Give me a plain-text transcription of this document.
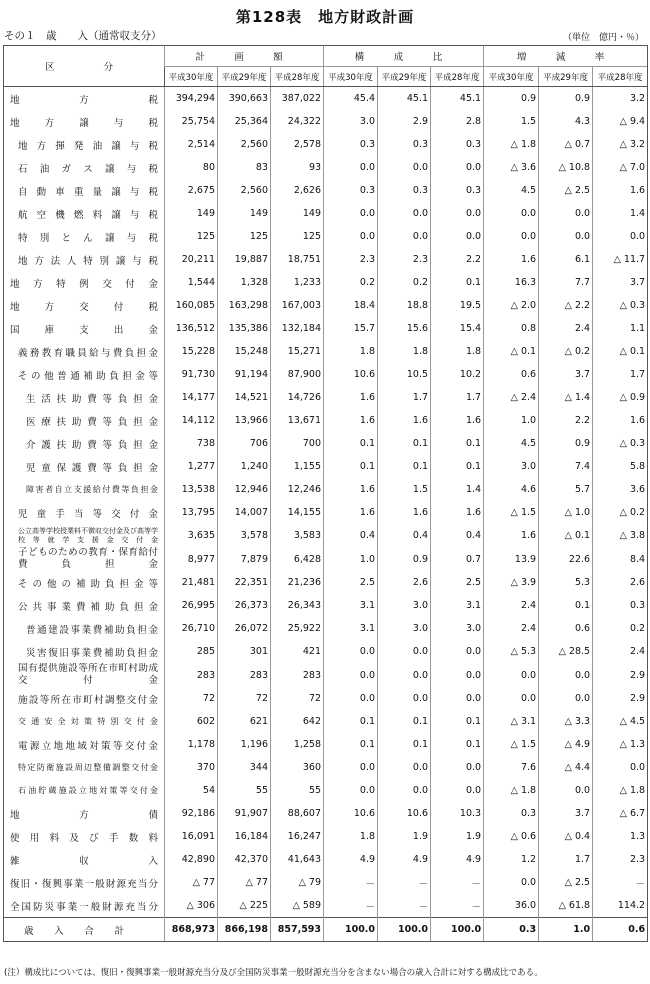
第128表　地方財政計画
その１　歳　　入（通常収支分）	（単位　億円・％）
区　　分	計　画　額			構　成　比			増　減　率		
	平成30年度	平成29年度	平成28年度	平成30年度	平成29年度	平成28年度	平成30年度	平成29年度	平成28年度
地方税	394,294	390,663	387,022	45.4	45.1	45.1	0.9	0.9	3.2
地方譲与税	25,754	25,364	24,322	3.0	2.9	2.8	1.5	4.3	△ 9.4
地方揮発油譲与税	2,514	2,560	2,578	0.3	0.3	0.3	△ 1.8	△ 0.7	△ 3.2
石油ガス譲与税	80	83	93	0.0	0.0	0.0	△ 3.6	△ 10.8	△ 7.0
自動車重量譲与税	2,675	2,560	2,626	0.3	0.3	0.3	4.5	△ 2.5	1.6
航空機燃料譲与税	149	149	149	0.0	0.0	0.0	0.0	0.0	1.4
特別とん譲与税	125	125	125	0.0	0.0	0.0	0.0	0.0	0.0
地方法人特別譲与税	20,211	19,887	18,751	2.3	2.3	2.2	1.6	6.1	△ 11.7
地方特例交付金	1,544	1,328	1,233	0.2	0.2	0.1	16.3	7.7	3.7
地方交付税	160,085	163,298	167,003	18.4	18.8	19.5	△ 2.0	△ 2.2	△ 0.3
国庫支出金	136,512	135,386	132,184	15.7	15.6	15.4	0.8	2.4	1.1
義務教育職員給与費負担金	15,228	15,248	15,271	1.8	1.8	1.8	△ 0.1	△ 0.2	△ 0.1
その他普通補助負担金等	91,730	91,194	87,900	10.6	10.5	10.2	0.6	3.7	1.7
生活扶助費等負担金	14,177	14,521	14,726	1.6	1.7	1.7	△ 2.4	△ 1.4	△ 0.9
医療扶助費等負担金	14,112	13,966	13,671	1.6	1.6	1.6	1.0	2.2	1.6
介護扶助費等負担金	738	706	700	0.1	0.1	0.1	4.5	0.9	△ 0.3
児童保護費等負担金	1,277	1,240	1,155	0.1	0.1	0.1	3.0	7.4	5.8
障害者自立支援給付費等負担金	13,538	12,946	12,246	1.6	1.5	1.4	4.6	5.7	3.6
児童手当等交付金	13,795	14,007	14,155	1.6	1.6	1.6	△ 1.5	△ 1.0	△ 0.2
公立高等学校授業料不徴収交付金及び高等学校等就学支援金交付金	3,635	3,578	3,583	0.4	0.4	0.4	1.6	△ 0.1	△ 3.8
子どものための教育・保育給付費負担金	8,977	7,879	6,428	1.0	0.9	0.7	13.9	22.6	8.4
その他の補助負担金等	21,481	22,351	21,236	2.5	2.6	2.5	△ 3.9	5.3	2.6
公共事業費補助負担金	26,995	26,373	26,343	3.1	3.0	3.1	2.4	0.1	0.3
普通建設事業費補助負担金	26,710	26,072	25,922	3.1	3.0	3.0	2.4	0.6	0.2
災害復旧事業費補助負担金	285	301	421	0.0	0.0	0.0	△ 5.3	△ 28.5	2.4
国有提供施設等所在市町村助成交付金	283	283	283	0.0	0.0	0.0	0.0	0.0	2.9
施設等所在市町村調整交付金	72	72	72	0.0	0.0	0.0	0.0	0.0	2.9
交通安全対策特別交付金	602	621	642	0.1	0.1	0.1	△ 3.1	△ 3.3	△ 4.5
電源立地地域対策等交付金	1,178	1,196	1,258	0.1	0.1	0.1	△ 1.5	△ 4.9	△ 1.3
特定防衛施設周辺整備調整交付金	370	344	360	0.0	0.0	0.0	7.6	△ 4.4	0.0
石油貯蔵施設立地対策等交付金	54	55	55	0.0	0.0	0.0	△ 1.8	0.0	△ 1.8
地方債	92,186	91,907	88,607	10.6	10.6	10.3	0.3	3.7	△ 6.7
使用料及び手数料	16,091	16,184	16,247	1.8	1.9	1.9	△ 0.6	△ 0.4	1.3
雑収入	42,890	42,370	41,643	4.9	4.9	4.9	1.2	1.7	2.3
復旧・復興事業一般財源充当分	△ 77	△ 77	△ 79	－	－	－	0.0	△ 2.5	－
全国防災事業一般財源充当分	△ 306	△ 225	△ 589	－	－	－	36.0	△ 61.8	114.2
歳入合計	868,973	866,198	857,593	100.0	100.0	100.0	0.3	1.0	0.6
(注）構成比については、復旧・復興事業一般財源充当分及び全国防災事業一般財源充当分を含まない場合の歳入合計に対する構成比である。
